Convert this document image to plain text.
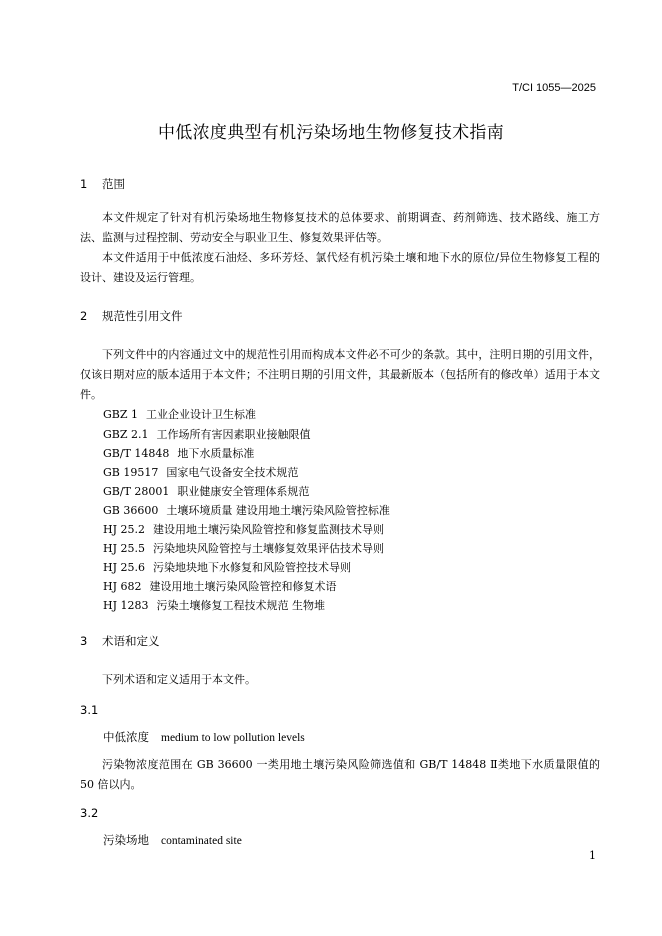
T/CI 1055—2025
中低浓度典型有机污染场地生物修复技术指南
1 范围
本文件规定了针对有机污染场地生物修复技术的总体要求、前期调查、药剂筛选、技术路线、施工方法、监测与过程控制、劳动安全与职业卫生、修复效果评估等。
本文件适用于中低浓度石油烃、多环芳烃、氯代烃有机污染土壤和地下水的原位/异位生物修复工程的设计、建设及运行管理。
2 规范性引用文件
下列文件中的内容通过文中的规范性引用而构成本文件必不可少的条款。其中，注明日期的引用文件，仅该日期对应的版本适用于本文件；不注明日期的引用文件，其最新版本（包括所有的修改单）适用于本文件。
GBZ 1 工业企业设计卫生标准
GBZ 2.1 工作场所有害因素职业接触限值
GB/T 14848 地下水质量标准
GB 19517 国家电气设备安全技术规范
GB/T 28001 职业健康安全管理体系规范
GB 36600 土壤环境质量 建设用地土壤污染风险管控标准
HJ 25.2 建设用地土壤污染风险管控和修复监测技术导则
HJ 25.5 污染地块风险管控与土壤修复效果评估技术导则
HJ 25.6 污染地块地下水修复和风险管控技术导则
HJ 682 建设用地土壤污染风险管控和修复术语
HJ 1283 污染土壤修复工程技术规范 生物堆
3 术语和定义
下列术语和定义适用于本文件。
3.1
中低浓度 medium to low pollution levels
污染物浓度范围在 GB 36600 一类用地土壤污染风险筛选值和 GB/T 14848 Ⅱ类地下水质量限值的 50 倍以内。
3.2
污染场地 contaminated site
1
